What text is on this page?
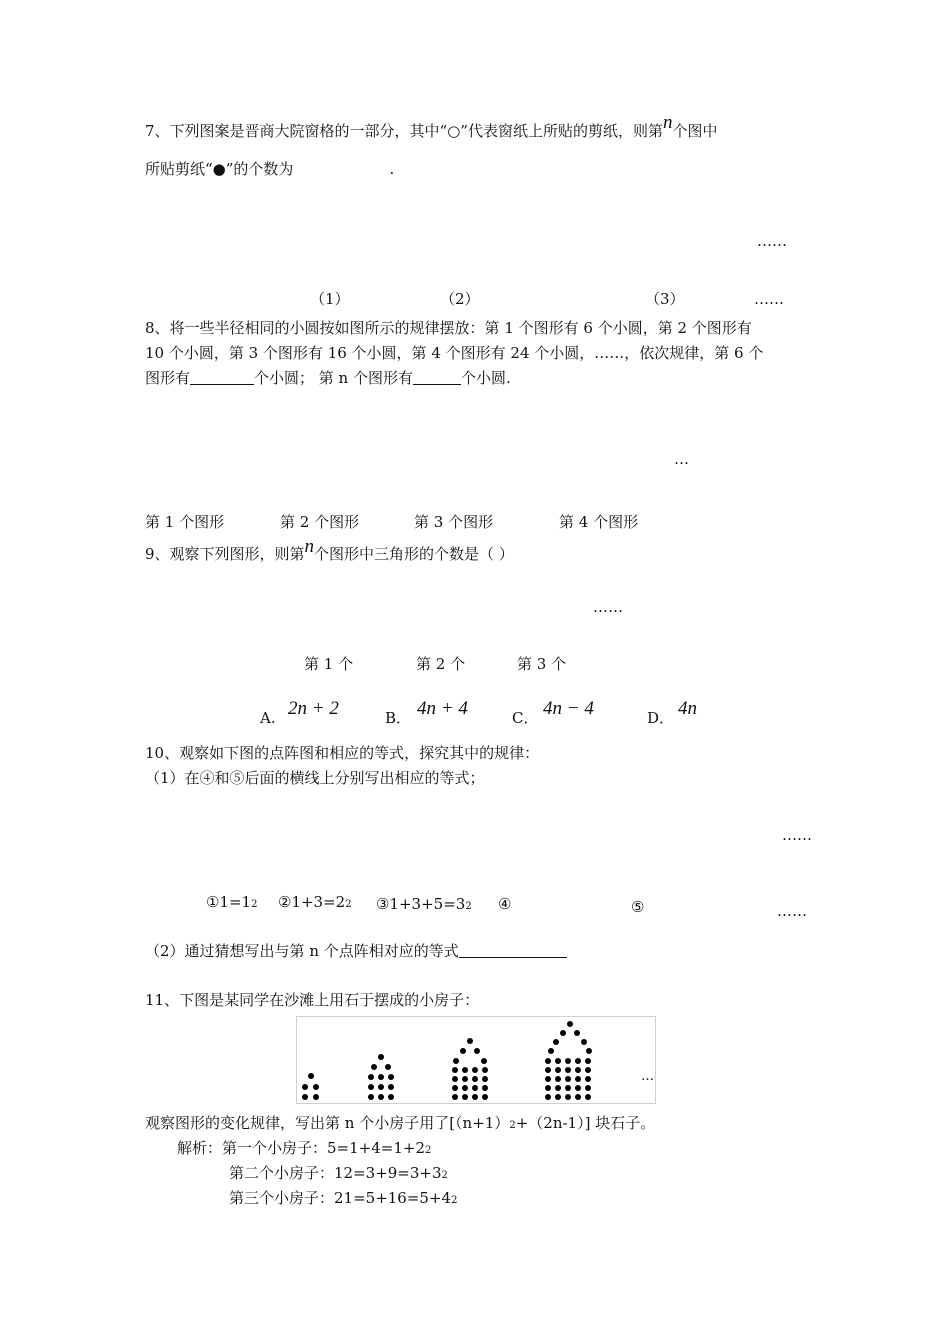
7、下列图案是晋商大院窗格的一部分，其中“○”代表窗纸上所贴的剪纸，则第n个图中
所贴剪纸“●”的个数为	.
……
（1）	（2）	（3）	……
8、将一些半径相同的小圆按如图所示的规律摆放：第 1 个图形有 6 个小圆，第 2 个图形有
10 个小圆，第 3 个图形有 16 个小圆，第 4 个图形有 24 个小圆，……，依次规律，第 6 个
图形有	个小圆； 第 n 个图形有	个小圆.
…
第 1 个图形	第 2 个图形	第 3 个图形	第 4 个图形
9、观察下列图形，则第n个图形中三角形的个数是（ ）
……
第 1 个	第 2 个	第 3 个
A. 2n + 2	B． 4n + 4	C． 4n − 4	D． 4n
10、观察如下图的点阵图和相应的等式，探究其中的规律：
（1）在④和⑤后面的横线上分别写出相应的等式；
……
①1=12 ②1+3=22 ③1+3+5=32 ④	⑤	……
（2）通过猜想写出与第 n 个点阵相对应的等式
11、下图是某同学在沙滩上用石于摆成的小房子：
…
观察图形的变化规律，写出第 n 个小房子用了[（n+1）2+（2n-1）] 块石子。
解析：第一个小房子：5=1+4=1+22
第二个小房子：12=3+9=3+32
第三个小房子：21=5+16=5+42
